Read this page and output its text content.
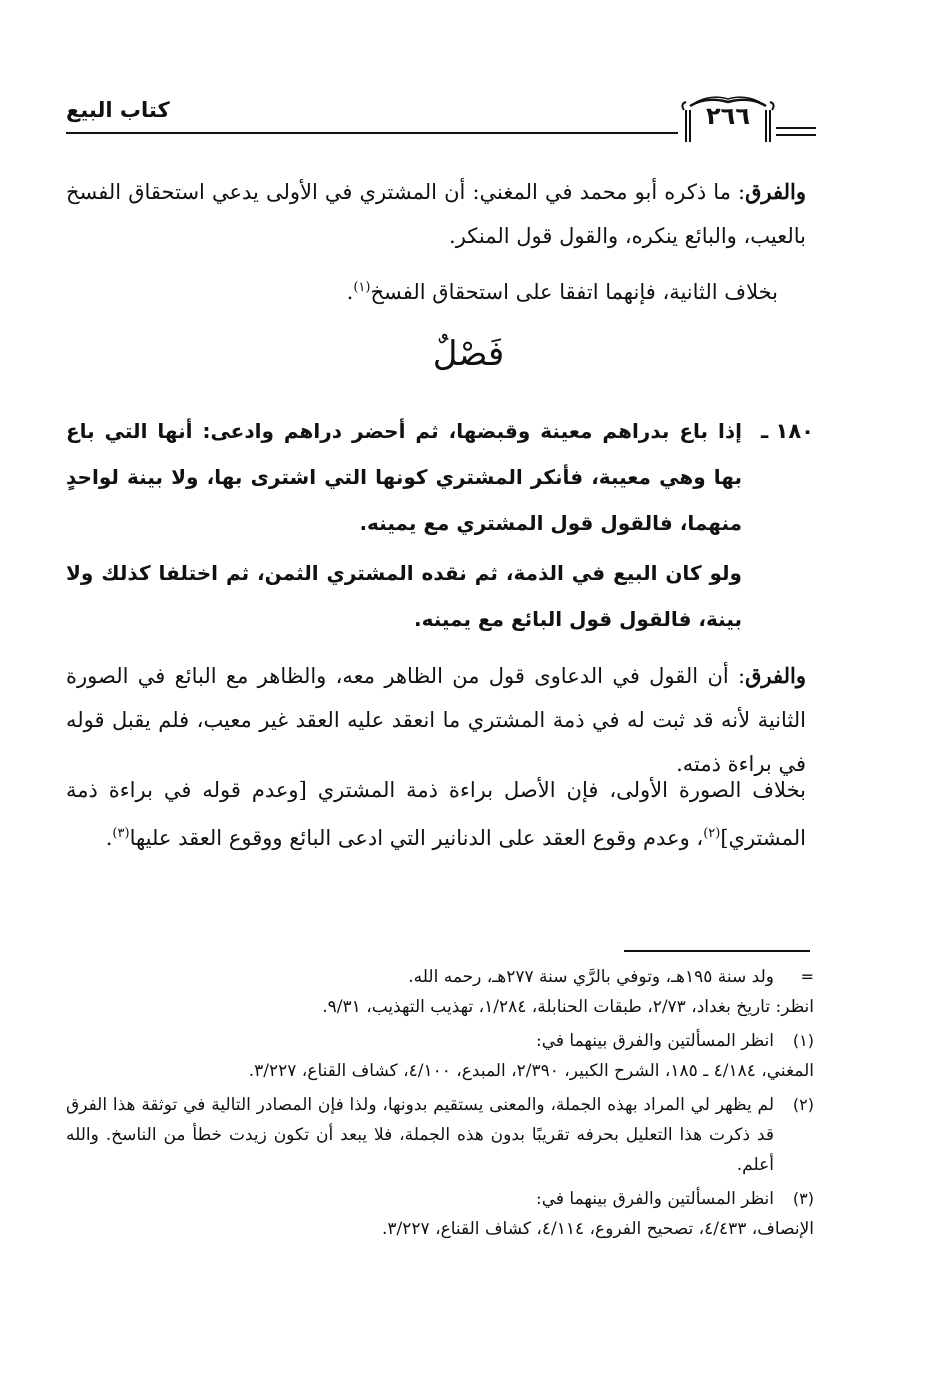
كتاب البيع	٢٦٦
والفرق: ما ذكره أبو محمد في المغني: أن المشتري في الأولى يدعي استحقاق الفسخ بالعيب، والبائع ينكره، والقول قول المنكر.
بخلاف الثانية، فإنهما اتفقا على استحقاق الفسخ$^{(١)}$.
فَصْلٌ
١٨٠ ـ
إذا باع بدراهم معينة وقبضها، ثم أحضر دراهم وادعى: أنها التي باع بها وهي معيبة، فأنكر المشتري كونها التي اشترى بها، ولا بينة لواحدٍ منهما، فالقول قول المشتري مع يمينه.
ولو كان البيع في الذمة، ثم نقده المشتري الثمن، ثم اختلفا كذلك ولا بينة، فالقول قول البائع مع يمينه.
والفرق: أن القول في الدعاوى قول من الظاهر معه، والظاهر مع البائع في الصورة الثانية لأنه قد ثبت له في ذمة المشتري ما انعقد عليه العقد غير معيب، فلم يقبل قوله في براءة ذمته.
بخلاف الصورة الأولى، فإن الأصل براءة ذمة المشتري [وعدم قوله في براءة ذمة المشتري]$^{(٢)}$، وعدم وقوع العقد على الدنانير التي ادعى البائع ووقوع العقد عليها$^{(٣)}$.
=
ولد سنة ١٩٥هـ، وتوفي بالرَّي سنة ٢٧٧هـ، رحمه الله.
انظر: تاريخ بغداد، ٢/٧٣، طبقات الحنابلة، ١/٢٨٤، تهذيب التهذيب، ٩/٣١.
(١)
انظر المسألتين والفرق بينهما في:
المغني، ٤/١٨٤ ـ ١٨٥، الشرح الكبير، ٢/٣٩٠، المبدع، ٤/١٠٠، كشاف القناع، ٣/٢٢٧.
(٢)
لم يظهر لي المراد بهذه الجملة، والمعنى يستقيم بدونها، ولذا فإن المصادر التالية في توثقة هذا الفرق قد ذكرت هذا التعليل بحرفه تقريبًا بدون هذه الجملة، فلا يبعد أن تكون زيدت خطأ من الناسخ. والله أعلم.
(٣)
انظر المسألتين والفرق بينهما في:
الإنصاف، ٤/٤٣٣، تصحيح الفروع، ٤/١١٤، كشاف القناع، ٣/٢٢٧.
